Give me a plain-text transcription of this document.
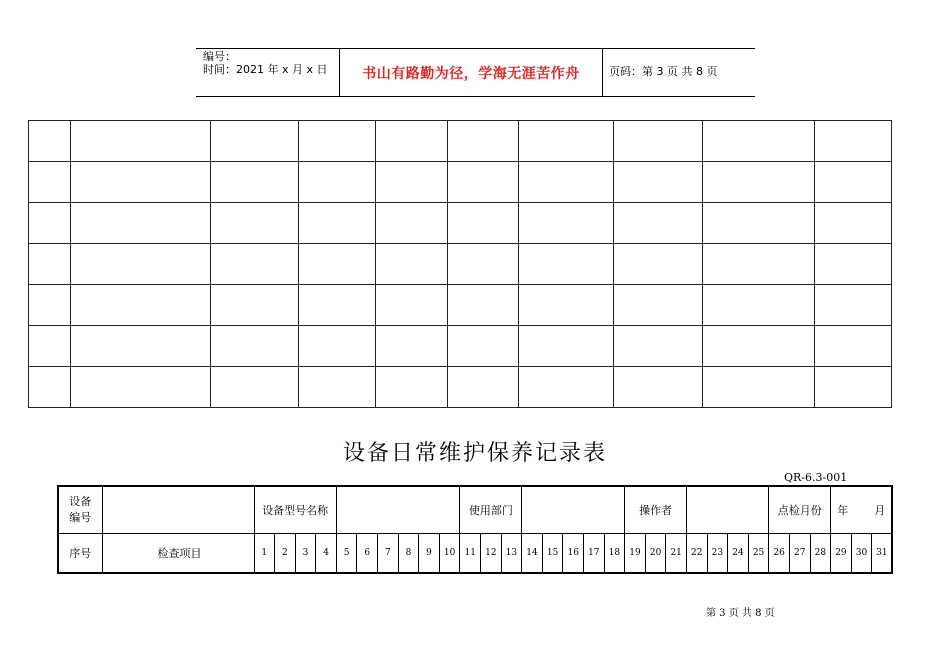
编号：
时间：2021 年 x 月 x 日	书山有路勤为径，学海无涯苦作舟	页码：第 3 页 共 8 页

设备日常维护保养记录表
QR-6.3-001
设备编号		设备型号名称										使用部门								操作者							点检月份			年 月		
序号	检查项目	1	2	3	4	5	6	7	8	9	10	11	12	13	14	15	16	17	18	19	20	21	22	23	24	25	26	27	28	29	30	31
第 3 页 共 8 页
